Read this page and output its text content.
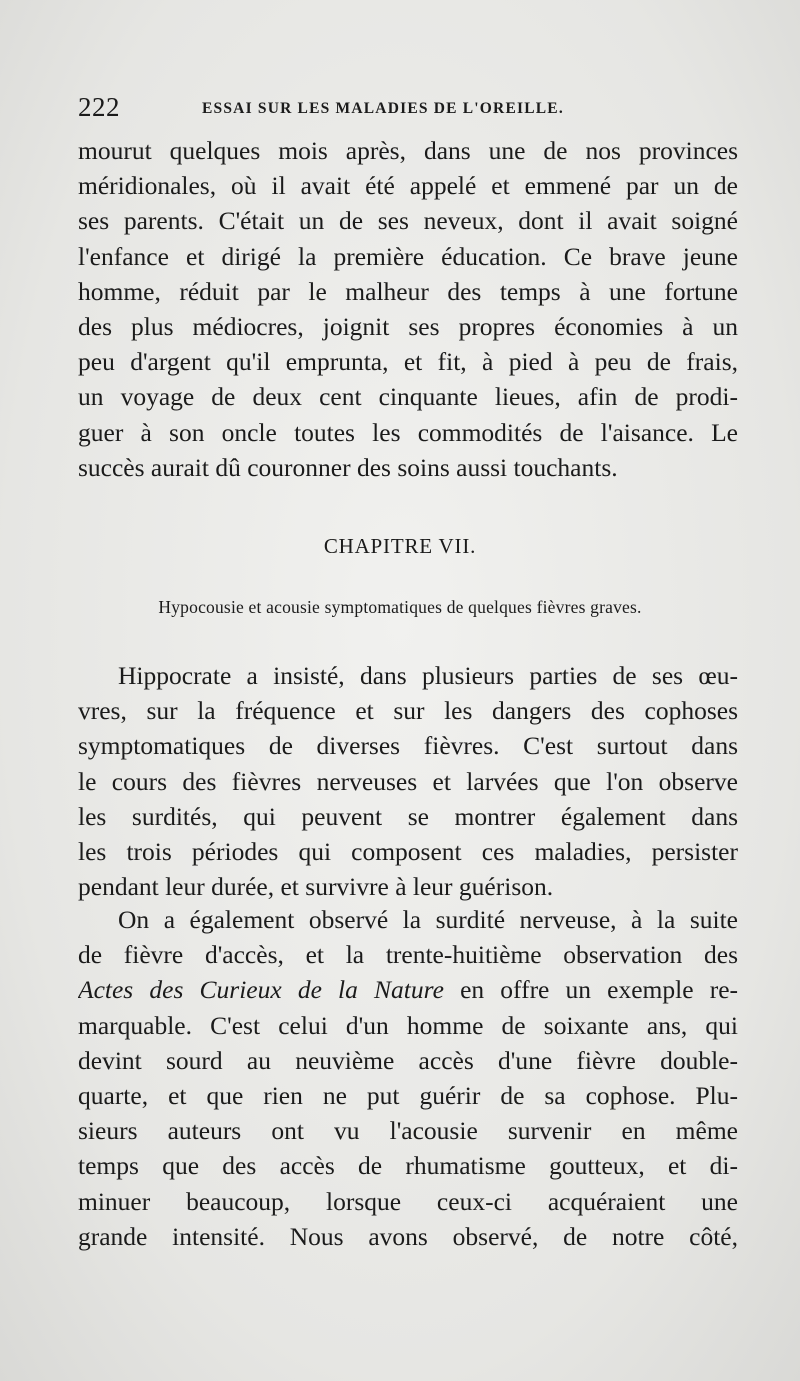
222	ESSAI SUR LES MALADIES DE L'OREILLE.
mourut quelques mois après, dans une de nos provinces
méridionales, où il avait été appelé et emmené par un de
ses parents. C'était un de ses neveux, dont il avait soigné
l'enfance et dirigé la première éducation. Ce brave jeune
homme, réduit par le malheur des temps à une fortune
des plus médiocres, joignit ses propres économies à un
peu d'argent qu'il emprunta, et fit, à pied à peu de frais,
un voyage de deux cent cinquante lieues, afin de prodi-
guer à son oncle toutes les commodités de l'aisance. Le
succès aurait dû couronner des soins aussi touchants.
CHAPITRE VII.
Hypocousie et acousie symptomatiques de quelques fièvres graves.
Hippocrate a insisté, dans plusieurs parties de ses œu-
vres, sur la fréquence et sur les dangers des cophoses
symptomatiques de diverses fièvres. C'est surtout dans
le cours des fièvres nerveuses et larvées que l'on observe
les surdités, qui peuvent se montrer également dans
les trois périodes qui composent ces maladies, persister
pendant leur durée, et survivre à leur guérison.
On a également observé la surdité nerveuse, à la suite
de fièvre d'accès, et la trente-huitième observation des
Actes des Curieux de la Nature en offre un exemple re-
marquable. C'est celui d'un homme de soixante ans, qui
devint sourd au neuvième accès d'une fièvre double-
quarte, et que rien ne put guérir de sa cophose. Plu-
sieurs auteurs ont vu l'acousie survenir en même
temps que des accès de rhumatisme goutteux, et di-
minuer beaucoup, lorsque ceux-ci acquéraient une
grande intensité. Nous avons observé, de notre côté,
